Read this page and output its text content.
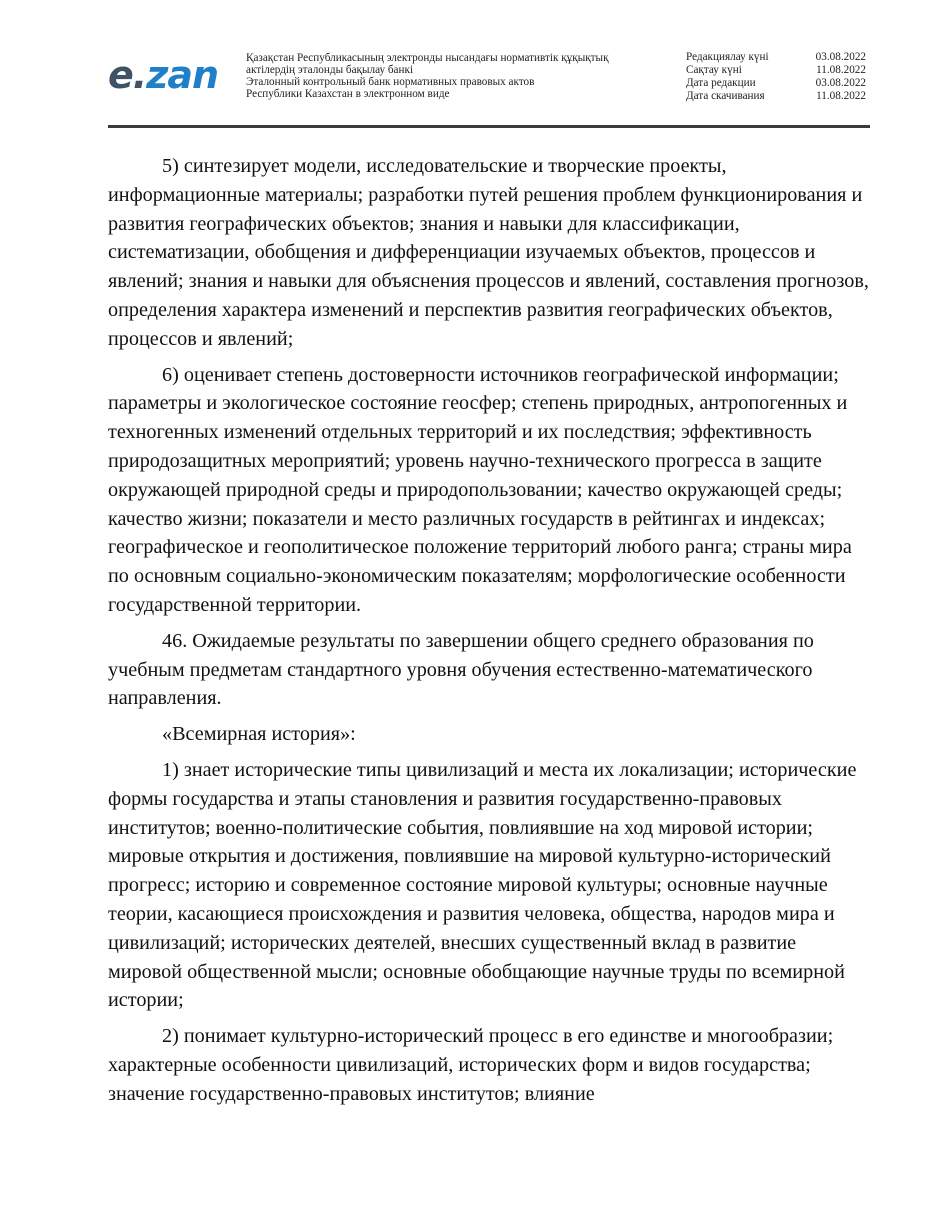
e.zan Қазақстан Республикасының электронды нысандағы нормативтік құқықтық
актілердің эталонды бақылау банкі
Эталонный контрольный банк нормативных правовых актов
Республики Казахстан в электронном виде
Редакциялау күні	03.08.2022
Сақтау күні	11.08.2022
Дата редакции	03.08.2022
Дата скачивания	11.08.2022

5) синтезирует модели, исследовательские и творческие проекты, информационные материалы; разработки путей решения проблем функционирования и развития географических объектов; знания и навыки для классификации, систематизации, обобщения и дифференциации изучаемых объектов, процессов и явлений; знания и навыки для объяснения процессов и явлений, составления прогнозов, определения характера изменений и перспектив развития географических объектов, процессов и явлений;

6) оценивает степень достоверности источников географической информации; параметры и экологическое состояние геосфер; степень природных, антропогенных и техногенных изменений отдельных территорий и их последствия; эффективность природозащитных мероприятий; уровень научно-технического прогресса в защите окружающей природной среды и природопользовании; качество окружающей среды; качество жизни; показатели и место различных государств в рейтингах и индексах; географическое и геополитическое положение территорий любого ранга; страны мира по основным социально-экономическим показателям; морфологические особенности государственной территории.

46. Ожидаемые результаты по завершении общего среднего образования по учебным предметам стандартного уровня обучения естественно-математического направления.

«Всемирная история»:

1) знает исторические типы цивилизаций и места их локализации; исторические формы государства и этапы становления и развития государственно-правовых институтов; военно-политические события, повлиявшие на ход мировой истории; мировые открытия и достижения, повлиявшие на мировой культурно-исторический прогресс; историю и современное состояние мировой культуры; основные научные теории, касающиеся происхождения и развития человека, общества, народов мира и цивилизаций; исторических деятелей, внесших существенный вклад в развитие мировой общественной мысли; основные обобщающие научные труды по всемирной истории;

2) понимает культурно-исторический процесс в его единстве и многообразии; характерные особенности цивилизаций, исторических форм и видов государства; значение государственно-правовых институтов; влияние
